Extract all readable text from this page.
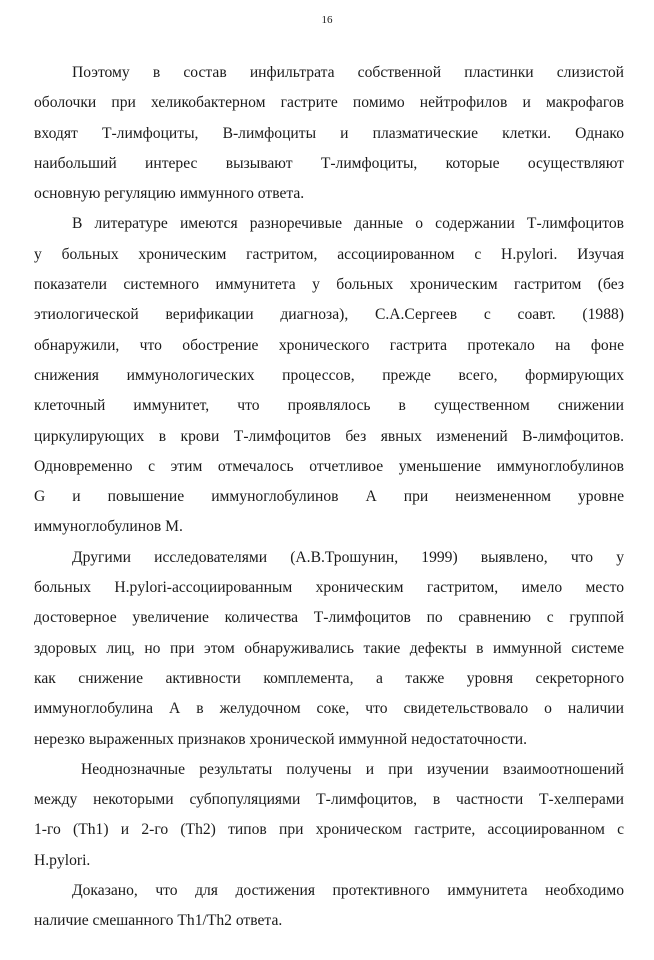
16

Поэтому в состав инфильтрата собственной пластинки слизистой
оболочки при хеликобактерном гастрите помимо нейтрофилов и макрофагов
входят Т-лимфоциты, В-лимфоциты и плазматические клетки. Однако
наибольший интерес вызывают Т-лимфоциты, которые осуществляют
основную регуляцию иммунного ответа.

В литературе имеются разноречивые данные о содержании Т-лимфоцитов
у больных хроническим гастритом, ассоциированном с H.pylori. Изучая
показатели системного иммунитета у больных хроническим гастритом (без
этиологической верификации диагноза), С.А.Сергеев с соавт. (1988)
обнаружили, что обострение хронического гастрита протекало на фоне
снижения иммунологических процессов, прежде всего, формирующих
клеточный иммунитет, что проявлялось в существенном снижении
циркулирующих в крови Т-лимфоцитов без явных изменений В-лимфоцитов.
Одновременно с этим отмечалось отчетливое уменьшение иммуноглобулинов
G и повышение иммуноглобулинов А при неизмененном уровне
иммуноглобулинов М.

Другими исследователями (А.В.Трошунин, 1999) выявлено, что у
больных H.pylori-ассоциированным хроническим гастритом, имело место
достоверное увеличение количества Т-лимфоцитов по сравнению с группой
здоровых лиц, но при этом обнаруживались такие дефекты в иммунной системе
как снижение активности комплемента, а также уровня секреторного
иммуноглобулина А в желудочном соке, что свидетельствовало о наличии
нерезко выраженных признаков хронической иммунной недостаточности.

Неоднозначные результаты получены и при изучении взаимоотношений
между некоторыми субпопуляциями Т-лимфоцитов, в частности Т-хелперами
1-го (Th1) и 2-го (Th2) типов при хроническом гастрите, ассоциированном с
H.pylori.

Доказано, что для достижения протективного иммунитета необходимо
наличие смешанного Th1/Th2 ответа.
